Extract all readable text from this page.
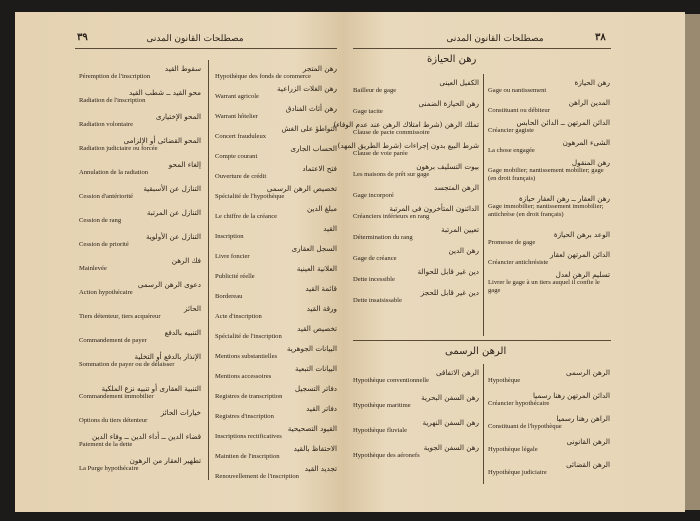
٣٩	مصطلحات القانون المدنى
سقوط القيد
Péremption de l'inscription
محو القيد ــ شطب القيد
Radiation de l'inscription
المحو الإختيارى
Radiation volontaire
المحو القضائى أو الإلزامى
Radiation judiciaire ou forcée
إلغاء المحو
Annulation de la radiation
التنازل عن الأسبقية
Cession d'antériorité
التنازل عن المرتبة
Cession de rang
التنازل عن الأولوية
Cession de priorité
فك الرهن
Mainlevée
دعوى الرهن الرسمى
Action hypothécaire
الحائز
Tiers détenteur, tiers acquéreur
التنبيه بالدفع
Commandement de payer
الإنذار بالدفع أو التخلية
Sommation de payer ou de délaisser
التنبية العقارى أو تنبيه نزع الملكية
Commandement immobilier
خيارات الحائز
Options du tiers détenteur
قضاء الدين ــ أداء الدين ــ وفاء الدين
Paiement de la dette
تطهير العقار من الرهون
La Purge hypothécaire
رهن المتجر
Hypothèque des fonds de commerce
رهن الغلات الزراعية
Warrant agricole
رهن أثاث الفنادق
Warrant hôtelier
التواطؤ على الغش
Concert frauduleux
الحساب الجارى
Compte courant
فتح الاعتماد
Ouverture de crédit
تخصيص الرهن الرسمى
Spécialité de l'hypothèque
مبلغ الدين
Le chiffre de la créance
القيد
Inscription
السجل العقارى
Livre foncier
العلانية العينية
Publicité réelle
قائمة القيد
Bordereau
ورقة القيد
Acte d'inscription
تخصيص القيد
Spécialité de l'inscription
البيانات الجوهرية
Mentions substantielles
البيانات التبعية
Mentions accessoires
دفاتر التسجيل
Registres de transcription
دفاتر القيد
Registres d'inscription
القيود التصحيحية
Inscriptions rectificatives
الاحتفاظ بالقيد
Maintien de l'inscription
تجديد القيد
Renouvellement de l'inscription
٣٨
مصطلحات القانون المدنى
رهن الحيازة
الرهن الرسمى
الكفيل العينى
Bailleur de gage
رهن الحيازة الضمنى
Gage tacite
تملك الرهن (شرط امتلاك الرهن عند عدم الوفاء)
Clause de pacte commissoire
شرط البيع بدون إجراءات (شرط الطريق المهد)
Clause de voie parée
بيوت التسليف برهون
Les maisons de prêt sur gage
الرهن المتجسد
Gage incorporé
الدائنون المتأخرون فى المرتبة
Créanciers inférieurs en rang
تعيين المرتبة
Détermination du rang
رهن الدين
Gage de créance
دين غير قابل للحوالة
Dette incessible
دين غير قابل للحجز
Dette insaisissable
رهن الحيازة
Gage ou nantissement
المدين الراهن
Constituant ou débiteur
الدائن المرتهن ــ الدائن الحابس
Créancier gagiste
الشىء المرهون
La chose engagée
رهن المنقول
Gage mobilier; nantissement mobilier; gage (en droit français)
رهن العقار ــ رهن العقار حيازة
Gage immobilier; nantissement immobilier; antichrèse (en droit français)
الوعد برهن الحيازة
Promesse de gage
الدائن المرتهن لعقار
Créancier antichrésiste
تسليم الرهن لعدل
Livrer le gage à un tiers auquel il confie le gage
الرهن الاتفاقى
Hypothèque conventionnelle
رهن السفن البحرية
Hypothèque maritime
رهن السفن النهرية
Hypothèque fluviale
رهن السفن الجوية
Hypothèque des aéronefs
الرهن الرسمى
Hypothèque
الدائن المرتهن رهنا رسميا
Créancier hypothécaire
الراهن رهنا رسميا
Constituant de l'hypothèque
الرهن القانونى
Hypothèque légale
الرهن القضائى
Hypothèque judiciaire
